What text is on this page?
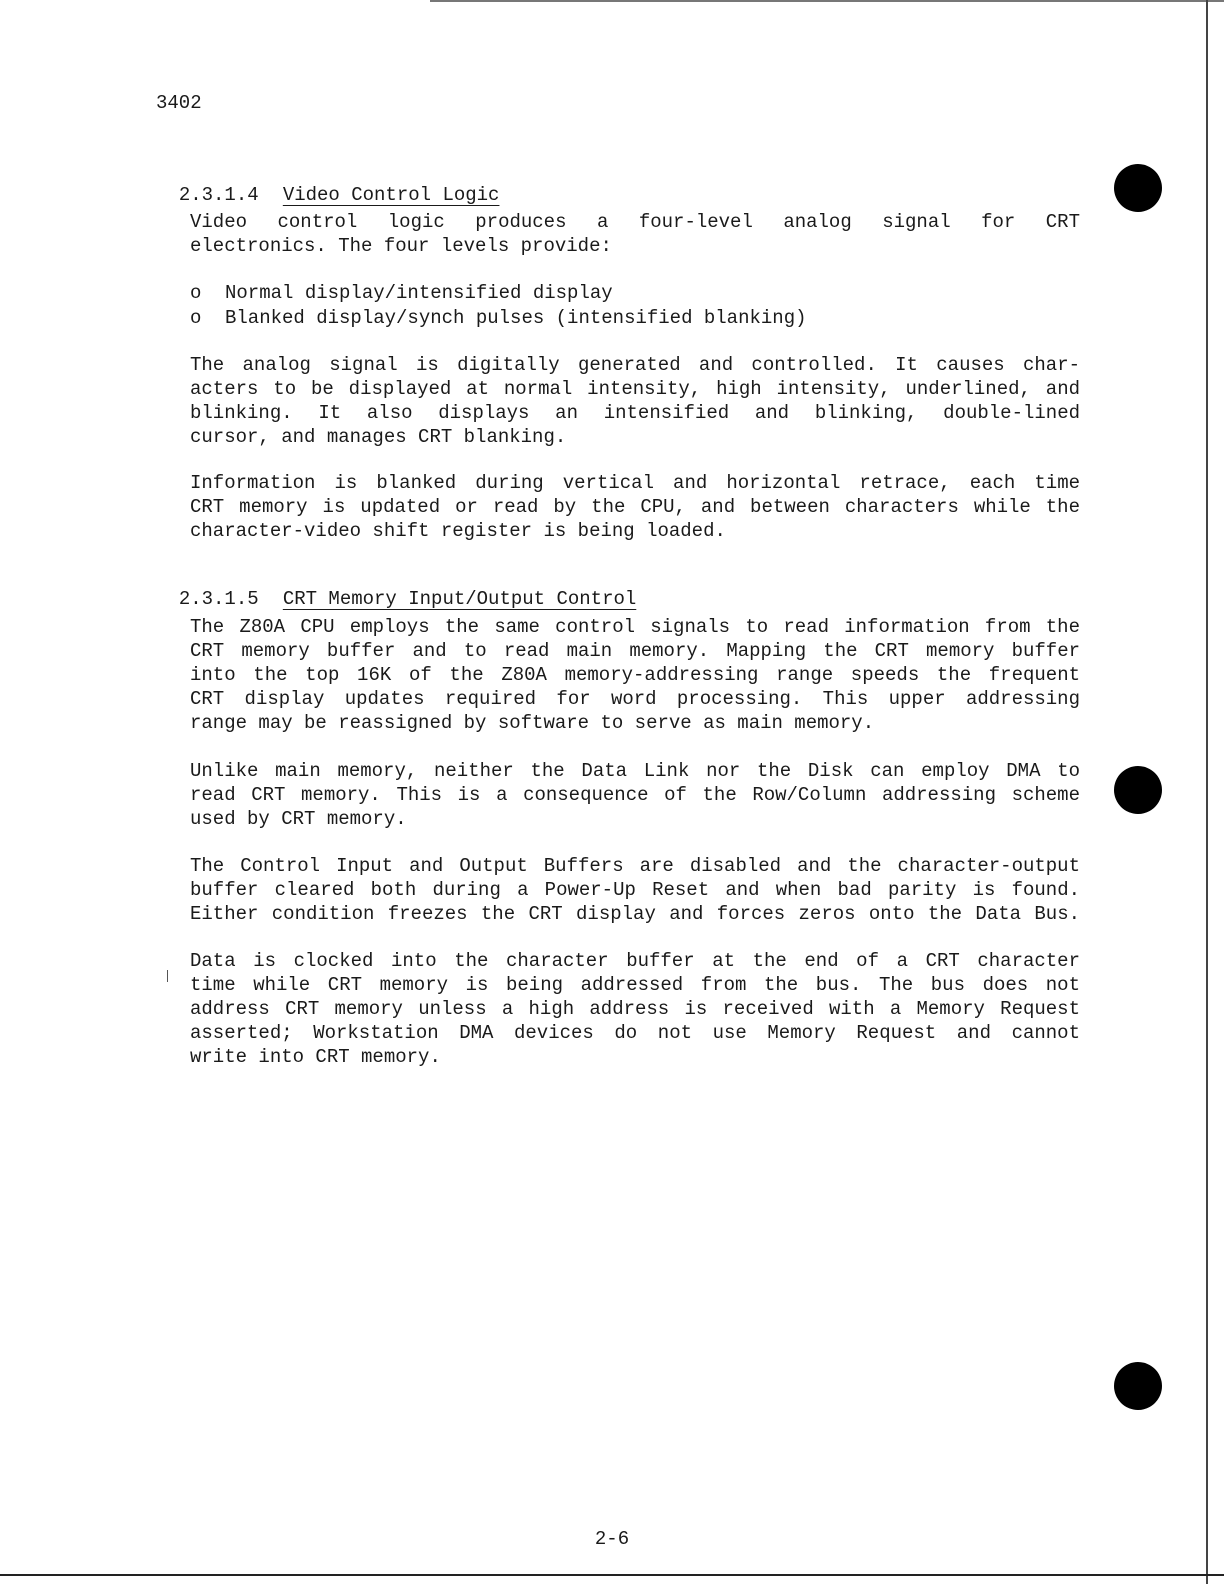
3402

2.3.1.4 Video Control Logic

Video control logic produces a four-level analog signal for CRT
electronics. The four levels provide:
o Normal display/intensified display
o Blanked display/synch pulses (intensified blanking)
The analog signal is digitally generated and controlled. It causes char-
acters to be displayed at normal intensity, high intensity, underlined, and
blinking. It also displays an intensified and blinking, double-lined
cursor, and manages CRT blanking.
Information is blanked during vertical and horizontal retrace, each time
CRT memory is updated or read by the CPU, and between characters while the
character-video shift register is being loaded.

2.3.1.5 CRT Memory Input/Output Control

The Z80A CPU employs the same control signals to read information from the
CRT memory buffer and to read main memory. Mapping the CRT memory buffer
into the top 16K of the Z80A memory-addressing range speeds the frequent
CRT display updates required for word processing. This upper addressing
range may be reassigned by software to serve as main memory.
Unlike main memory, neither the Data Link nor the Disk can employ DMA to
read CRT memory. This is a consequence of the Row/Column addressing scheme
used by CRT memory.
The Control Input and Output Buffers are disabled and the character-output
buffer cleared both during a Power-Up Reset and when bad parity is found.
Either condition freezes the CRT display and forces zeros onto the Data Bus.
Data is clocked into the character buffer at the end of a CRT character
time while CRT memory is being addressed from the bus. The bus does not
address CRT memory unless a high address is received with a Memory Request
asserted; Workstation DMA devices do not use Memory Request and cannot
write into CRT memory.
2-6
